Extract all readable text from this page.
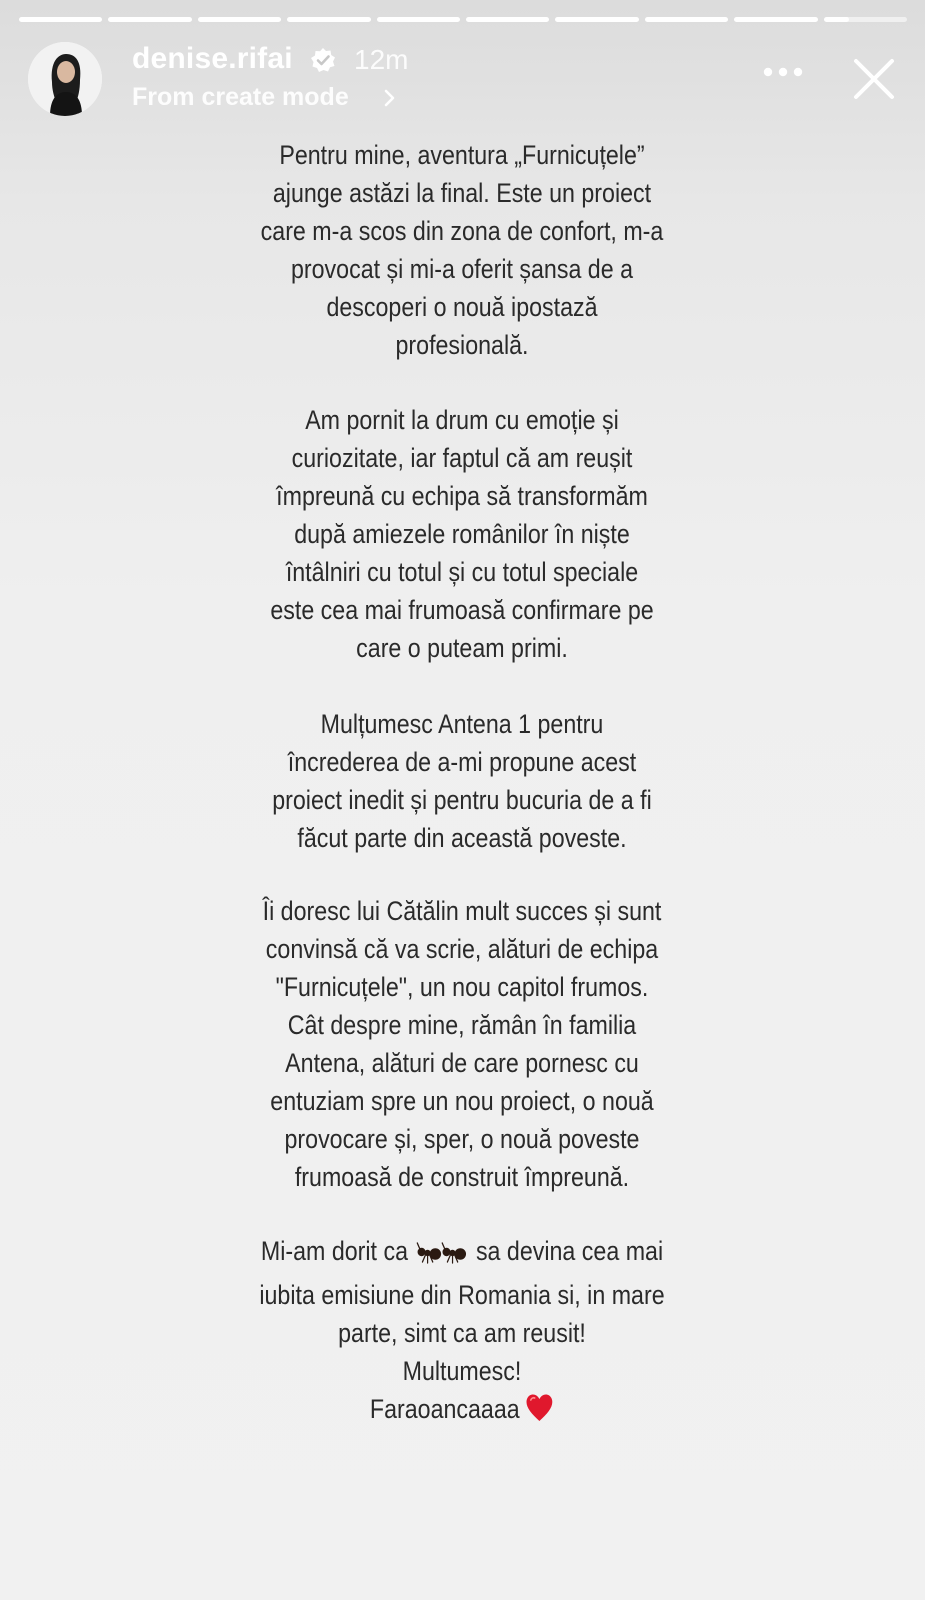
denise.rifai 12m
From create mode

Pentru mine, aventura „Furnicuțele”
ajunge astăzi la final. Este un proiect
care m-a scos din zona de confort, m-a
provocat și mi-a oferit șansa de a
descoperi o nouă ipostază
profesională.

Am pornit la drum cu emoție și
curiozitate, iar faptul că am reușit
împreună cu echipa să transformăm
după amiezele românilor în niște
întâlniri cu totul și cu totul speciale
este cea mai frumoasă confirmare pe
care o puteam primi.

Mulțumesc Antena 1 pentru
încrederea de a-mi propune acest
proiect inedit și pentru bucuria de a fi
făcut parte din această poveste.

Îi doresc lui Cătălin mult succes și sunt
convinsă că va scrie, alături de echipa
"Furnicuțele", un nou capitol frumos.
Cât despre mine, rămân în familia
Antena, alături de care pornesc cu
entuziam spre un nou proiect, o nouă
provocare și, sper, o nouă poveste
frumoasă de construit împreună.

Mi-am dorit ca	sa devina cea mai
iubita emisiune din Romania si, in mare
parte, simt ca am reusit!
Multumesc!
Faraoancaaaa
